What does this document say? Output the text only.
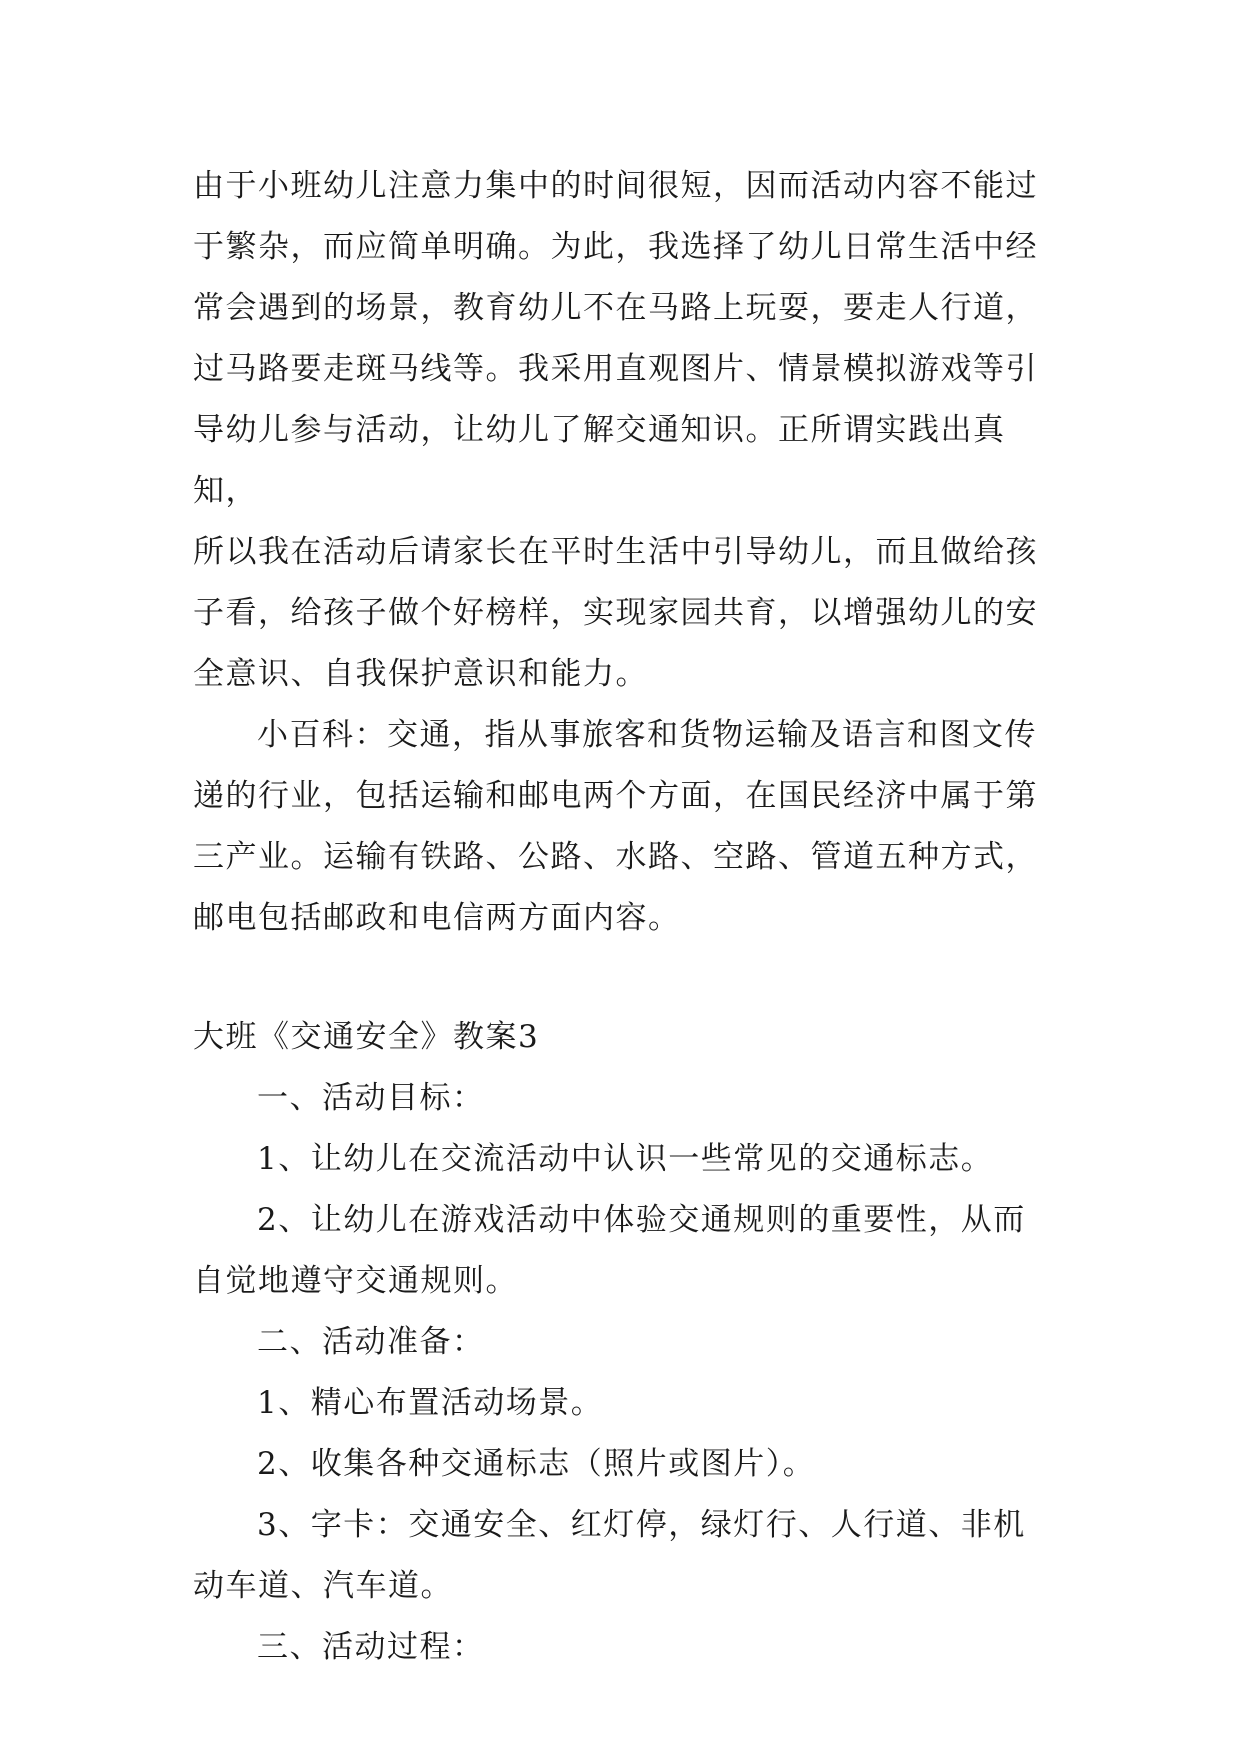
由于小班幼儿注意力集中的时间很短，因而活动内容不能过

于繁杂，而应简单明确。为此，我选择了幼儿日常生活中经

常会遇到的场景，教育幼儿不在马路上玩耍，要走人行道，

过马路要走斑马线等。我采用直观图片、情景模拟游戏等引

导幼儿参与活动，让幼儿了解交通知识。正所谓实践出真知，

所以我在活动后请家长在平时生活中引导幼儿，而且做给孩

子看，给孩子做个好榜样，实现家园共育，以增强幼儿的安

全意识、自我保护意识和能力。

小百科：交通，指从事旅客和货物运输及语言和图文传

递的行业，包括运输和邮电两个方面，在国民经济中属于第

三产业。运输有铁路、公路、水路、空路、管道五种方式，

邮电包括邮政和电信两方面内容。

大班《交通安全》教案3

一、活动目标：

1、让幼儿在交流活动中认识一些常见的交通标志。

2、让幼儿在游戏活动中体验交通规则的重要性，从而

自觉地遵守交通规则。

二、活动准备：

1、精心布置活动场景。

2、收集各种交通标志（照片或图片）。

3、字卡：交通安全、红灯停，绿灯行、人行道、非机

动车道、汽车道。

三、活动过程：
